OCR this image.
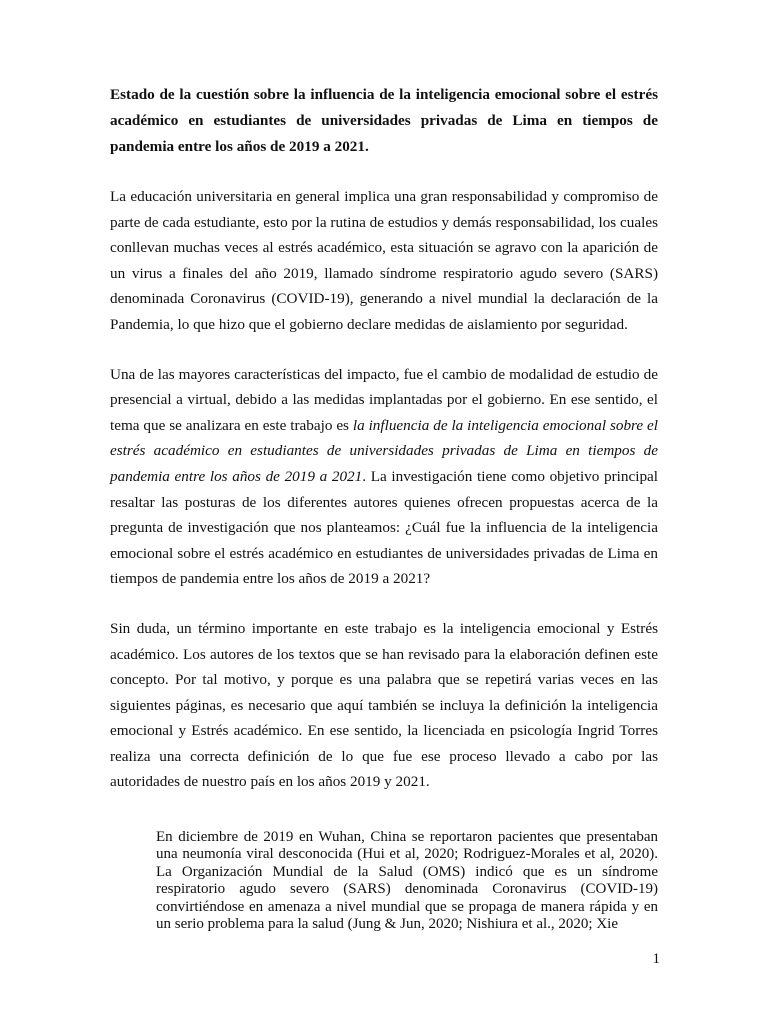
Estado de la cuestión sobre la influencia de la inteligencia emocional sobre el estrés académico en estudiantes de universidades privadas de Lima en tiempos de pandemia entre los años de 2019 a 2021.

La educación universitaria en general implica una gran responsabilidad y compromiso de parte de cada estudiante, esto por la rutina de estudios y demás responsabilidad, los cuales conllevan muchas veces al estrés académico, esta situación se agravo con la aparición de un virus a finales del año 2019, llamado síndrome respiratorio agudo severo (SARS) denominada Coronavirus (COVID-19), generando a nivel mundial la declaración de la Pandemia, lo que hizo que el gobierno declare medidas de aislamiento por seguridad.

Una de las mayores características del impacto, fue el cambio de modalidad de estudio de presencial a virtual, debido a las medidas implantadas por el gobierno. En ese sentido, el tema que se analizara en este trabajo es la influencia de la inteligencia emocional sobre el estrés académico en estudiantes de universidades privadas de Lima en tiempos de pandemia entre los años de 2019 a 2021. La investigación tiene como objetivo principal resaltar las posturas de los diferentes autores quienes ofrecen propuestas acerca de la pregunta de investigación que nos planteamos: ¿Cuál fue la influencia de la inteligencia emocional sobre el estrés académico en estudiantes de universidades privadas de Lima en tiempos de pandemia entre los años de 2019 a 2021?

Sin duda, un término importante en este trabajo es la inteligencia emocional y Estrés académico. Los autores de los textos que se han revisado para la elaboración definen este concepto. Por tal motivo, y porque es una palabra que se repetirá varias veces en las siguientes páginas, es necesario que aquí también se incluya la definición la inteligencia emocional y Estrés académico. En ese sentido, la licenciada en psicología Ingrid Torres realiza una correcta definición de lo que fue ese proceso llevado a cabo por las autoridades de nuestro país en los años 2019 y 2021.

En diciembre de 2019 en Wuhan, China se reportaron pacientes que presentaban una neumonía viral desconocida (Hui et al, 2020; Rodriguez-Morales et al, 2020). La Organización Mundial de la Salud (OMS) indicó que es un síndrome respiratorio agudo severo (SARS) denominada Coronavirus (COVID-19) convirtiéndose en amenaza a nivel mundial que se propaga de manera rápida y en un serio problema para la salud (Jung & Jun, 2020; Nishiura et al., 2020; Xie

1
